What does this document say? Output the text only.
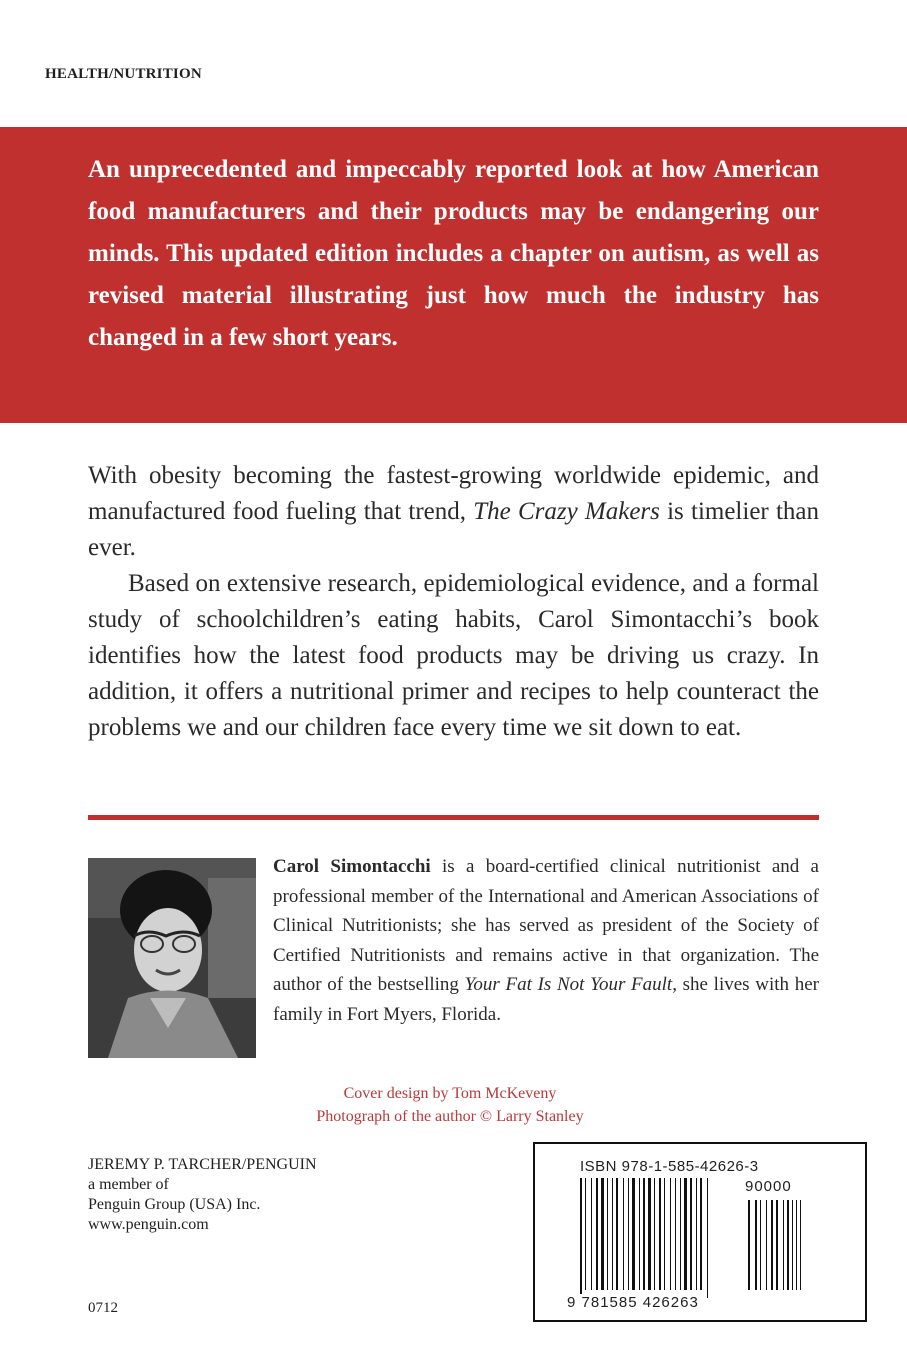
HEALTH/NUTRITION

An unprecedented and impeccably reported look at how American food manufacturers and their products may be endangering our minds. This updated edition includes a chapter on autism, as well as revised material illustrating just how much the industry has changed in a few short years.

With obesity becoming the fastest-growing worldwide epidemic, and manufactured food fueling that trend, The Crazy Makers is timelier than ever.

Based on extensive research, epidemiological evidence, and a formal study of schoolchildren’s eating habits, Carol Simontacchi’s book identifies how the latest food products may be driving us crazy. In addition, it offers a nutritional primer and recipes to help counteract the problems we and our children face every time we sit down to eat.

Carol Simontacchi is a board-certified clinical nutritionist and a professional member of the International and American Associations of Clinical Nutritionists; she has served as president of the Society of Certified Nutritionists and remains active in that organization. The author of the bestselling Your Fat Is Not Your Fault, she lives with her family in Fort Myers, Florida.
Cover design by Tom McKeveny
Photograph of the author © Larry Stanley
JEREMY P. TARCHER/PENGUIN
a member of
Penguin Group (USA) Inc.
www.penguin.com
0712
ISBN 978-1-585-42626-3
90000
9 781585 426263
